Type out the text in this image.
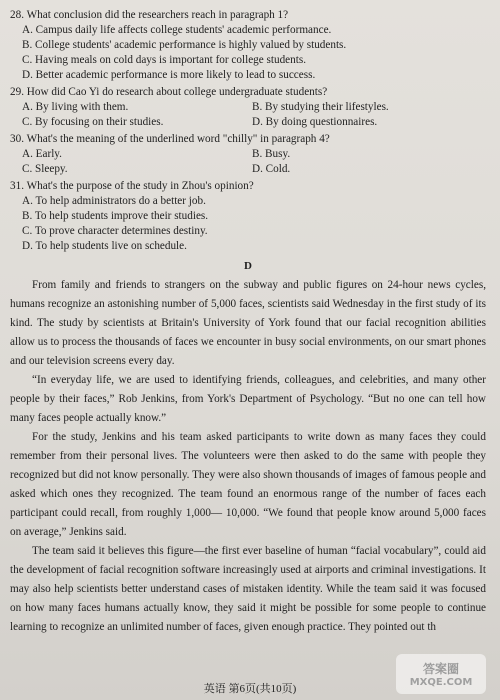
28. What conclusion did the researchers reach in paragraph 1?
A. Campus daily life affects college students' academic performance.
B. College students' academic performance is highly valued by students.
C. Having meals on cold days is important for college students.
D. Better academic performance is more likely to lead to success.
29. How did Cao Yi do research about college undergraduate students?
A. By living with them.	B. By studying their lifestyles.
C. By focusing on their studies.	D. By doing questionnaires.
30. What's the meaning of the underlined word "chilly" in paragraph 4?
A. Early.	B. Busy.
C. Sleepy.	D. Cold.
31. What's the purpose of the study in Zhou's opinion?
A. To help administrators do a better job.
B. To help students improve their studies.
C. To prove character determines destiny.
D. To help students live on schedule.
D

From family and friends to strangers on the subway and public figures on 24-hour news cycles, humans recognize an astonishing number of 5,000 faces, scientists said Wednesday in the first study of its kind. The study by scientists at Britain's University of York found that our facial recognition abilities allow us to process the thousands of faces we encounter in busy social environments, on our smart phones and our television screens every day.

“In everyday life, we are used to identifying friends, colleagues, and celebrities, and many other people by their faces,” Rob Jenkins, from York's Department of Psychology. “But no one can tell how many faces people actually know.”

For the study, Jenkins and his team asked participants to write down as many faces they could remember from their personal lives. The volunteers were then asked to do the same with people they recognized but did not know personally. They were also shown thousands of images of famous people and asked which ones they recognized. The team found an enormous range of the number of faces each participant could recall, from roughly 1,000— 10,000. “We found that people know around 5,000 faces on average,” Jenkins said.

The team said it believes this figure—the first ever baseline of human “facial vocabulary”, could aid the development of facial recognition software increasingly used at airports and criminal investigations. It may also help scientists better understand cases of mistaken identity. While the team said it was focused on how many faces humans actually know, they said it might be possible for some people to continue learning to recognize an unlimited number of faces, given enough practice. They pointed out th

英语 第6页(共10页)
答案圈
MXQE.COM
